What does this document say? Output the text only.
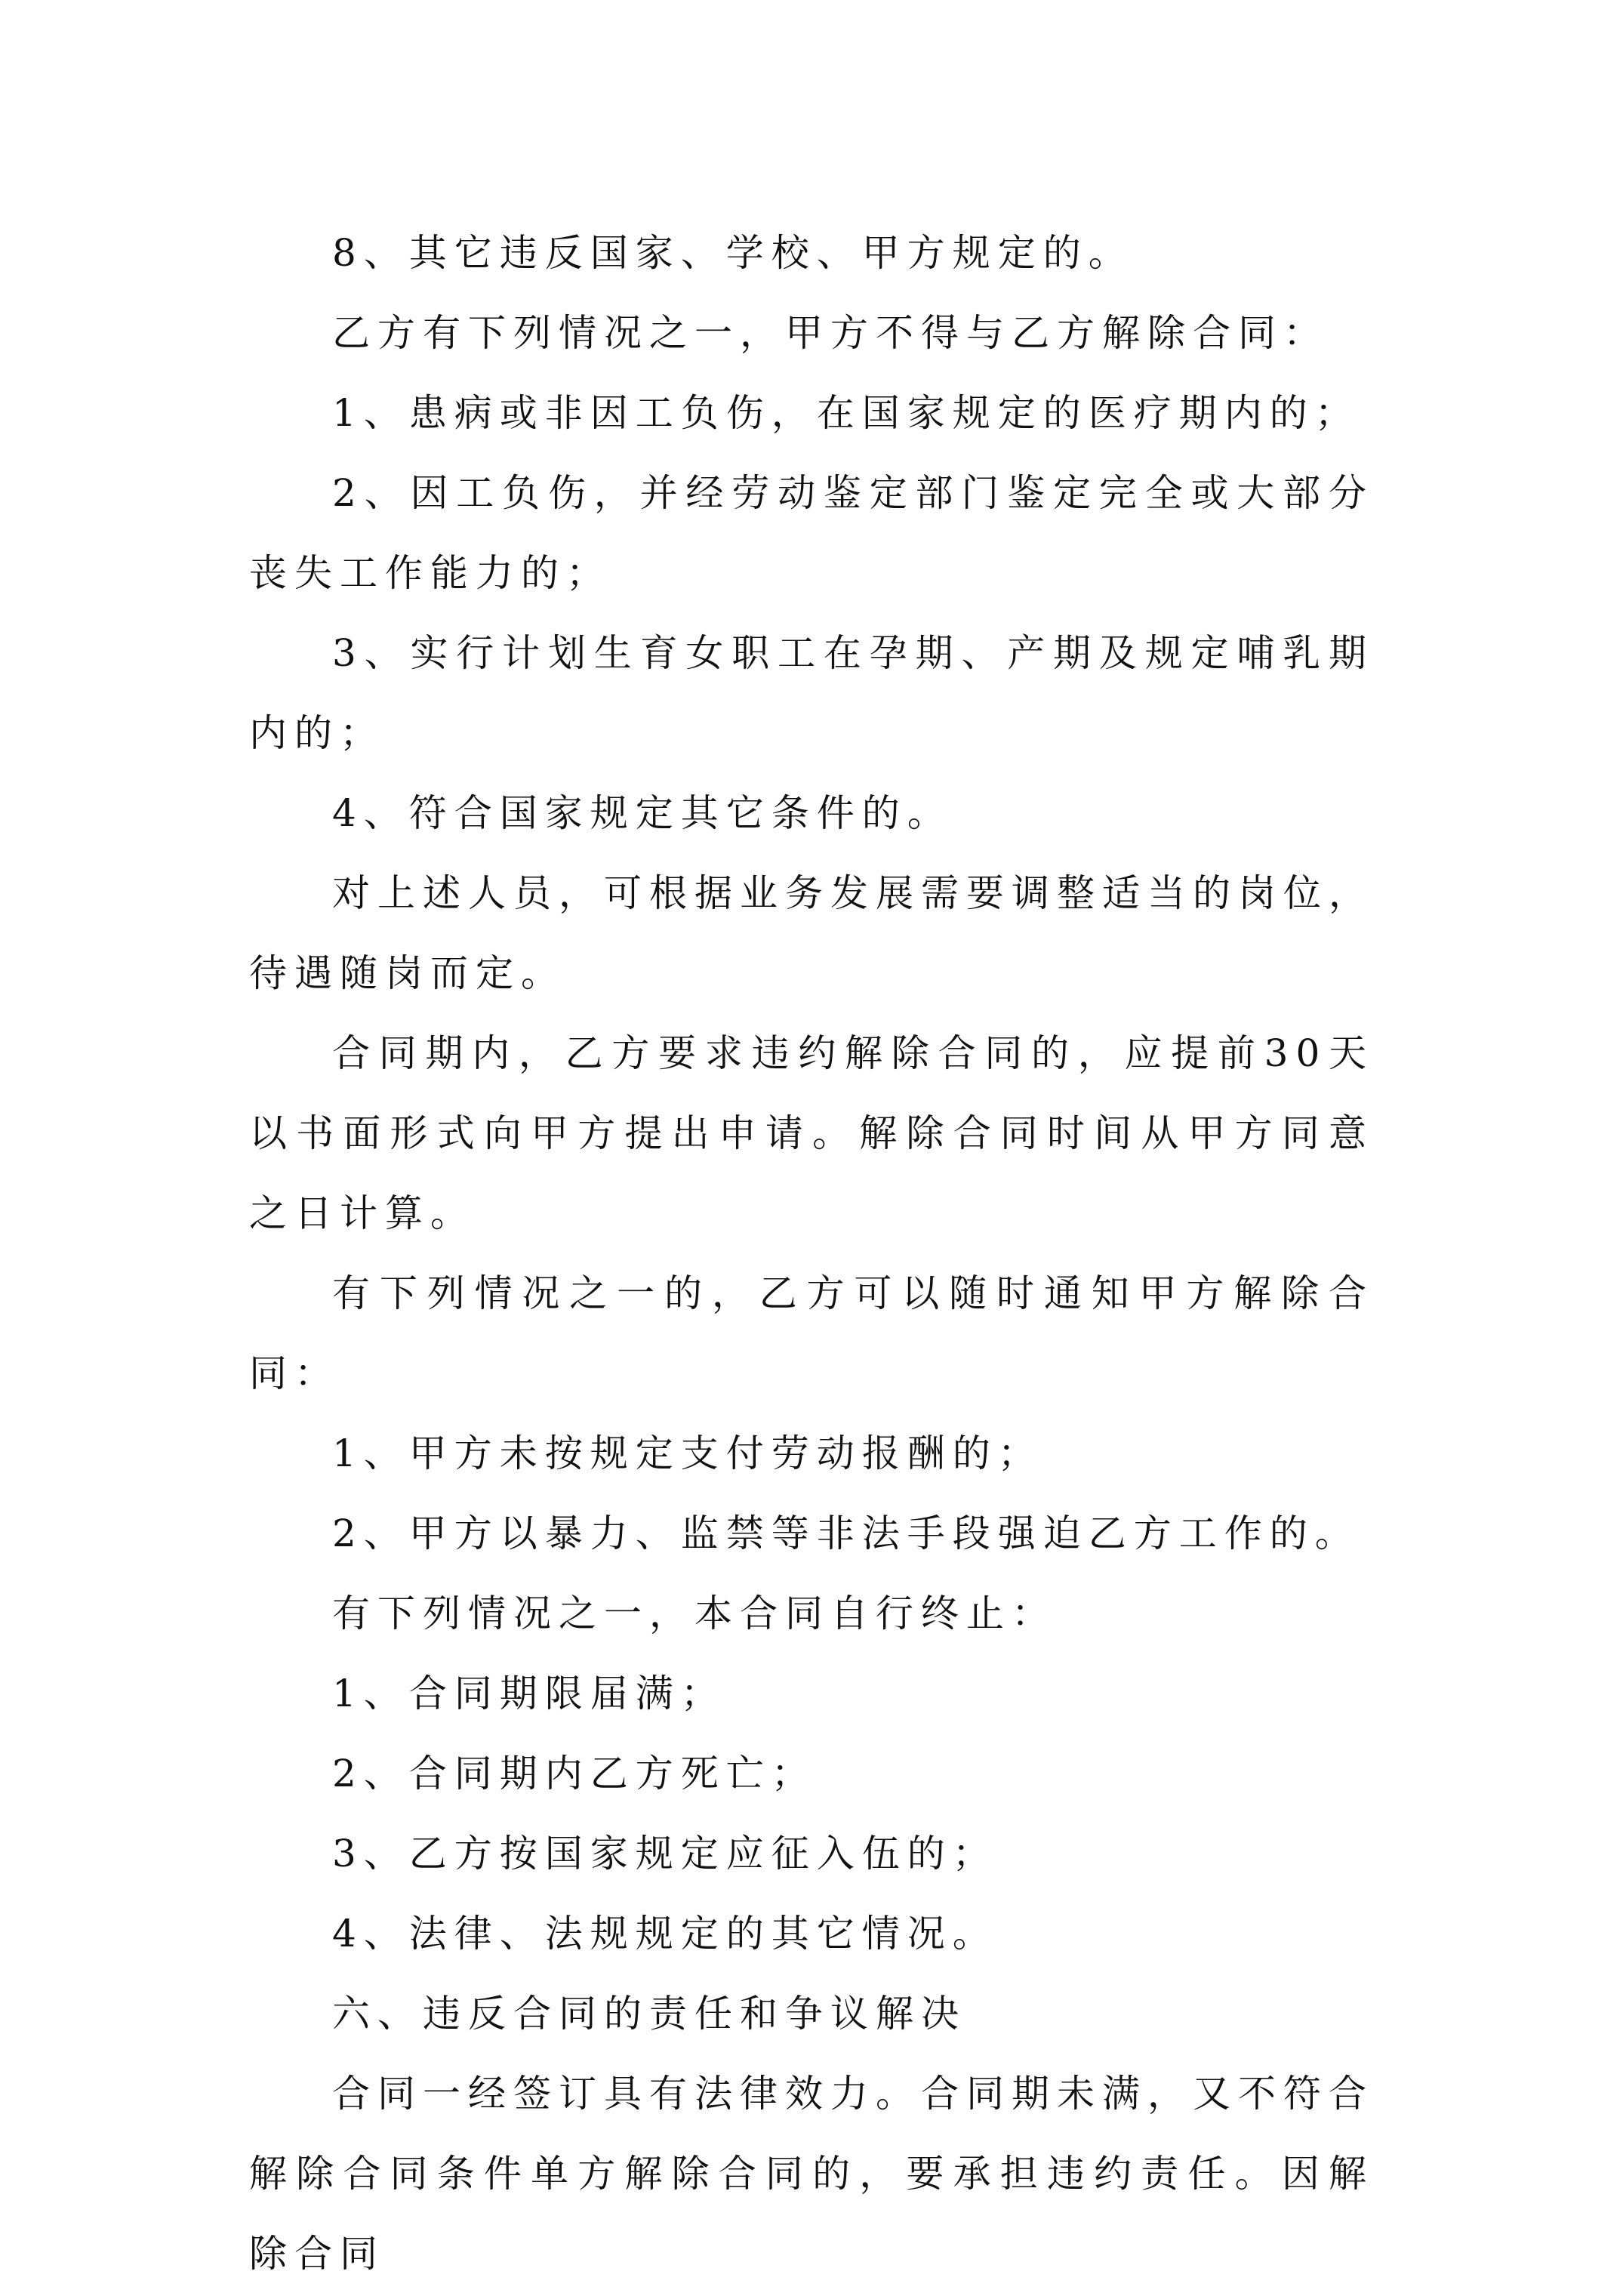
8、其它违反国家、学校、甲方规定的。

乙方有下列情况之一，甲方不得与乙方解除合同：

1、患病或非因工负伤，在国家规定的医疗期内的；

2、因工负伤，并经劳动鉴定部门鉴定完全或大部分丧失工作能力的；

3、实行计划生育女职工在孕期、产期及规定哺乳期内的；

4、符合国家规定其它条件的。

对上述人员，可根据业务发展需要调整适当的岗位，待遇随岗而定。

合同期内，乙方要求违约解除合同的，应提前30天以书面形式向甲方提出申请。解除合同时间从甲方同意之日计算。

有下列情况之一的，乙方可以随时通知甲方解除合同：

1、甲方未按规定支付劳动报酬的；

2、甲方以暴力、监禁等非法手段强迫乙方工作的。

有下列情况之一，本合同自行终止：

1、合同期限届满；

2、合同期内乙方死亡；

3、乙方按国家规定应征入伍的；

4、法律、法规规定的其它情况。

六、违反合同的责任和争议解决

合同一经签订具有法律效力。合同期未满，又不符合解除合同条件单方解除合同的，要承担违约责任。因解除合同
